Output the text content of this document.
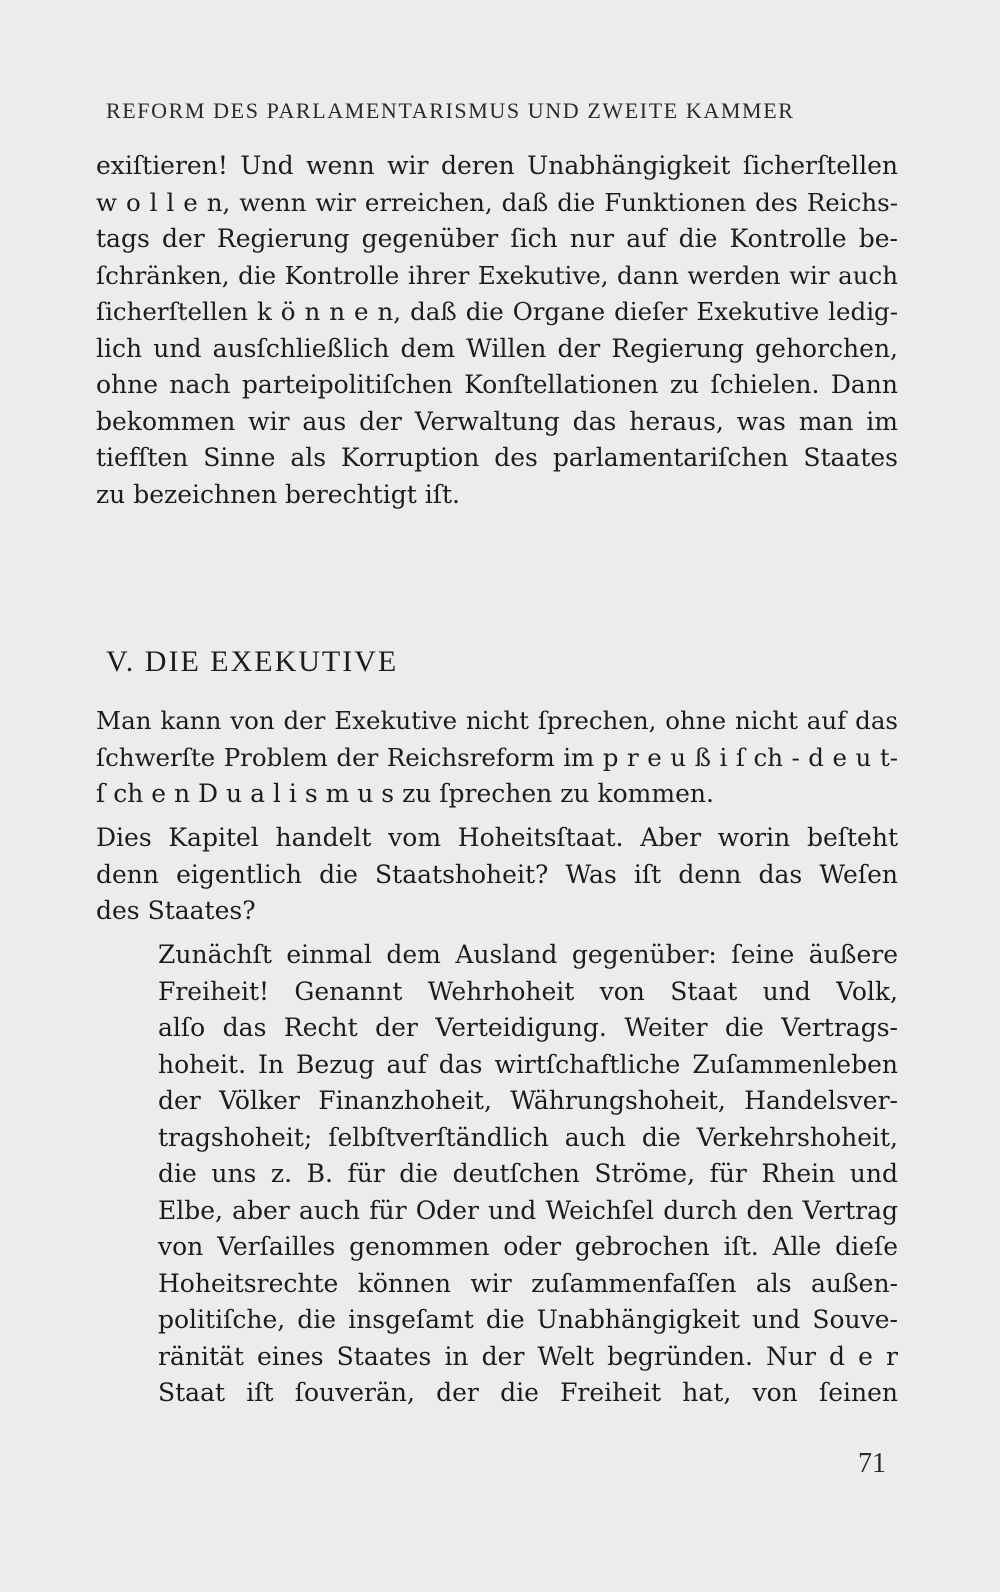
REFORM DES PARLAMENTARISMUS UND ZWEITE KAMMER
exiſtieren! Und wenn wir deren Unabhängigkeit ſicherſtellen
w o l l e n, wenn wir erreichen, daß die Funktionen des Reichs-
tags der Regierung gegenüber ſich nur auf die Kontrolle be-
ſchränken, die Kontrolle ihrer Exekutive, dann werden wir auch
ſicherſtellen k ö n n e n, daß die Organe dieſer Exekutive ledig-
lich und ausſchließlich dem Willen der Regierung gehorchen,
ohne nach parteipolitiſchen Konſtellationen zu ſchielen. Dann
bekommen wir aus der Verwaltung das heraus, was man im
tiefſten Sinne als Korruption des parlamentariſchen Staates
zu bezeichnen berechtigt iſt.
V. DIE EXEKUTIVE
Man kann von der Exekutive nicht ſprechen, ohne nicht auf das
ſchwerſte Problem der Reichsreform im p r e u ß i ſ ch - d e u t-
ſ ch e n D u a l i s m u s zu ſprechen zu kommen.
Dies Kapitel handelt vom Hoheitsſtaat. Aber worin beſteht
denn eigentlich die Staatshoheit? Was iſt denn das Weſen
des Staates?
Zunächſt einmal dem Ausland gegenüber: ſeine äußere
Freiheit! Genannt Wehrhoheit von Staat und Volk,
alſo das Recht der Verteidigung. Weiter die Vertrags-
hoheit. In Bezug auf das wirtſchaftliche Zuſammenleben
der Völker Finanzhoheit, Währungshoheit, Handelsver-
tragshoheit; ſelbſtverſtändlich auch die Verkehrshoheit,
die uns z. B. für die deutſchen Ströme, für Rhein und
Elbe, aber auch für Oder und Weichſel durch den Vertrag
von Verſailles genommen oder gebrochen iſt. Alle dieſe
Hoheitsrechte können wir zuſammenfaſſen als außen-
politiſche, die insgeſamt die Unabhängigkeit und Souve-
ränität eines Staates in der Welt begründen. Nur d e r
Staat iſt ſouverän, der die Freiheit hat, von ſeinen
71
